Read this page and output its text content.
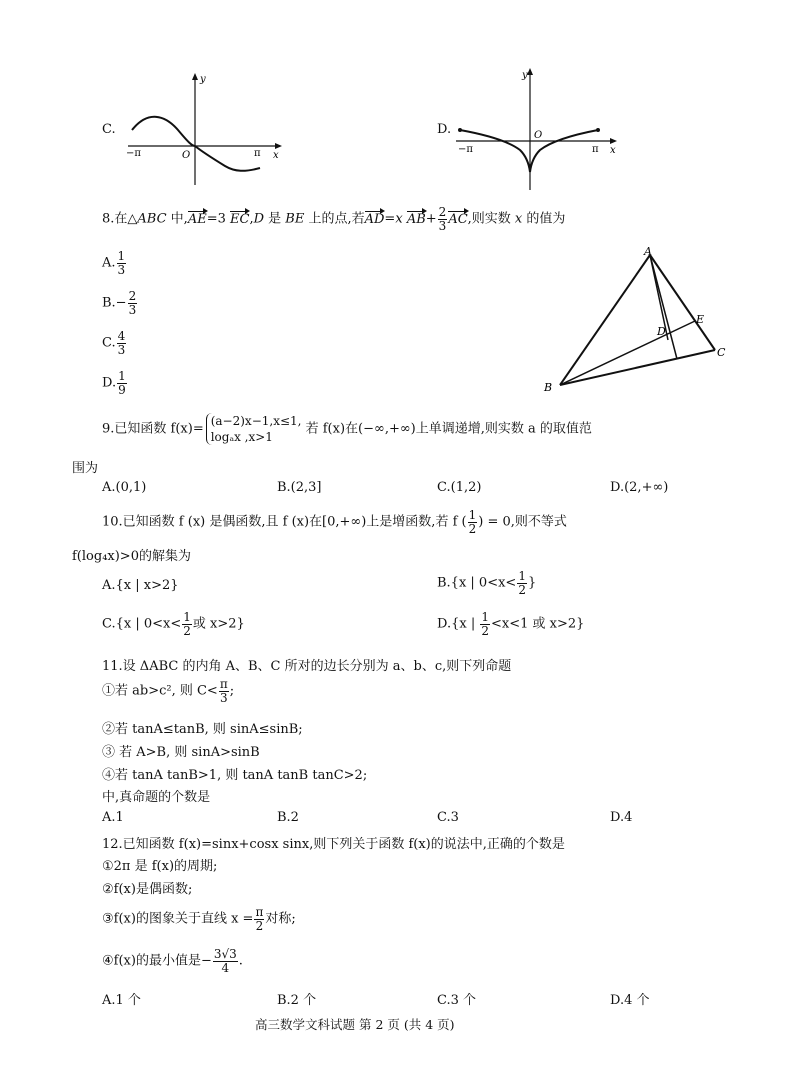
C.
y
x
O
−π	π
D.
y
x
O
−π	π
8.在△ABC 中,AE=3 EC,D 是 BE 上的点,若AD=x $AB+ \frac{2}{3}$ AC,则实数 x 的值为
A. $\frac{1}{3}$
$B.- \frac{2}{3}$
C. $\frac{4}{3}$
D. $\frac{1}{9}$
A
B
C
D
E
9.已知函数 f(x)=
(a−2)x−1,x≤1,
logₐx ,x>1
若 f(x)在(−∞,+∞)上单调递增,则实数 a 的取值范
围为
A.(0,1)	B.(2,3]	C.(1,2)	D.(2,+∞)
10.已知函数 f (x) 是偶函数,且 f (x)在[0,+∞)上是增函数,若 f ( $\frac{1}{2}$ ) = 0,则不等式
f(log₄x)>0的解集为
A.{x | x>2}	B.{x | $0<x< \frac{1}{2}$ }
C.{x | $0<x< \frac{1}{2}$ 或 x>2}	D.{x | $\frac{1}{2} <x<1$ 或 x>2}
11.设 ΔABC 的内角 A、B、C 所对的边长分别为 a、b、c,则下列命题
①若 ab>c², 则 $C< \frac{\pi}{3}$ ;
②若 tanA≤tanB, 则 sinA≤sinB;
③ 若 A>B, 则 sinA>sinB
④若 tanA tanB>1, 则 tanA tanB tanC>2;
中,真命题的个数是
A.1	B.2	C.3	D.4
12.已知函数 f(x)=sinx+cosx sinx,则下列关于函数 f(x)的说法中,正确的个数是
①2π 是 f(x)的周期;
②f(x)是偶函数;
③f(x)的图象关于直线 $x = \frac{\pi}{2}$ 对称;
④f(x)的最小值是− $\frac{3√3}{4}$ .
A.1 个	B.2 个	C.3 个	D.4 个
高三数学文科试题 第 2 页 (共 4 页)
